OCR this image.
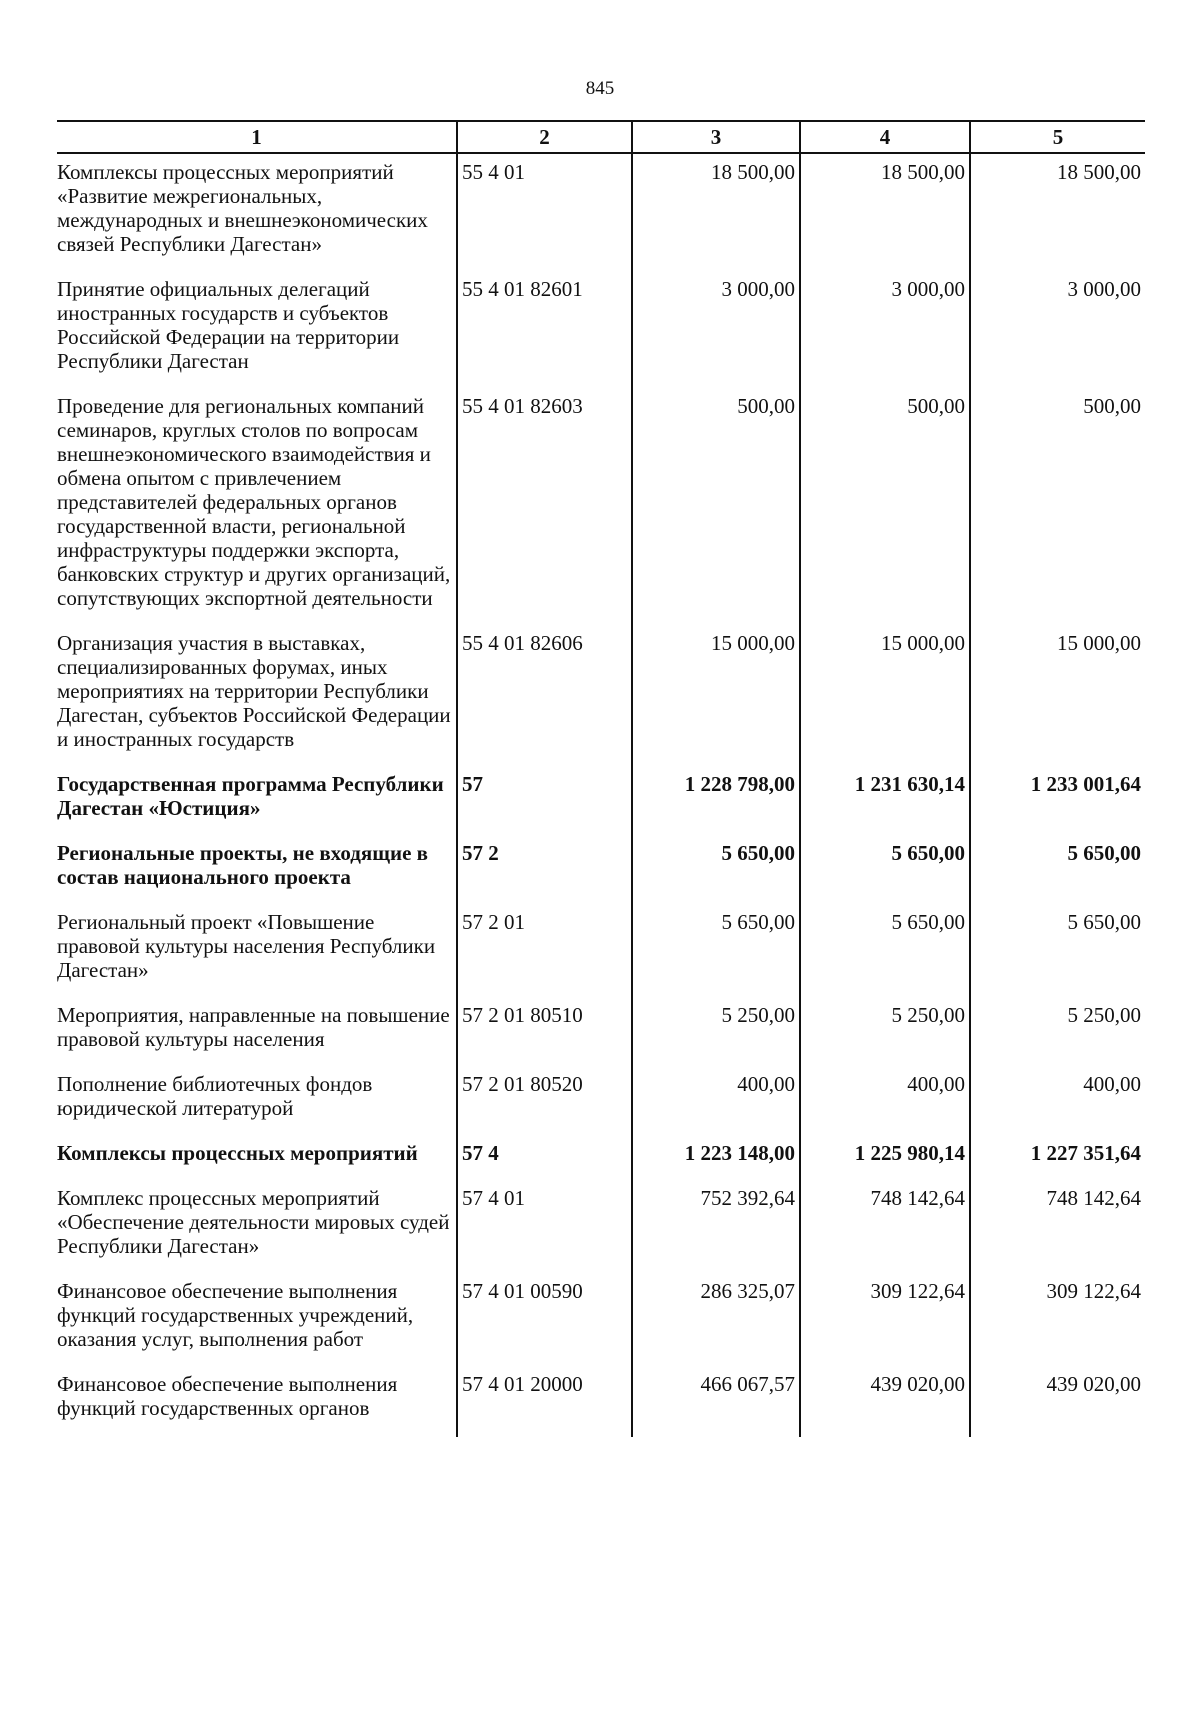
845
1	2	3	4	5
Комплексы процессных мероприятий «Развитие межрегиональных, международных и внешнеэкономических связей Республики Дагестан»	55 4 01	18 500,00	18 500,00	18 500,00
Принятие официальных делегаций иностранных государств и субъектов Российской Федерации на территории Республики Дагестан	55 4 01 82601	3 000,00	3 000,00	3 000,00
Проведение для региональных компаний семинаров, круглых столов по вопросам внешнеэкономического взаимодействия и обмена опытом с привлечением представителей федеральных органов государственной власти, региональной инфраструктуры поддержки экспорта, банковских структур и других организаций, сопутствующих экспортной деятельности	55 4 01 82603	500,00	500,00	500,00
Организация участия в выставках, специализированных форумах, иных мероприятиях на территории Республики Дагестан, субъектов Российской Федерации и иностранных государств	55 4 01 82606	15 000,00	15 000,00	15 000,00
Государственная программа Республики Дагестан «Юстиция»	57	1 228 798,00	1 231 630,14	1 233 001,64
Региональные проекты, не входящие в состав национального проекта	57 2	5 650,00	5 650,00	5 650,00
Региональный проект «Повышение правовой культуры населения Республики Дагестан»	57 2 01	5 650,00	5 650,00	5 650,00
Мероприятия, направленные на повышение правовой культуры населения	57 2 01 80510	5 250,00	5 250,00	5 250,00
Пополнение библиотечных фондов юридической литературой	57 2 01 80520	400,00	400,00	400,00
Комплексы процессных мероприятий	57 4	1 223 148,00	1 225 980,14	1 227 351,64
Комплекс процессных мероприятий «Обеспечение деятельности мировых судей Республики Дагестан»	57 4 01	752 392,64	748 142,64	748 142,64
Финансовое обеспечение выполнения функций государственных учреждений, оказания услуг, выполнения работ	57 4 01 00590	286 325,07	309 122,64	309 122,64
Финансовое обеспечение выполнения функций государственных органов	57 4 01 20000	466 067,57	439 020,00	439 020,00
